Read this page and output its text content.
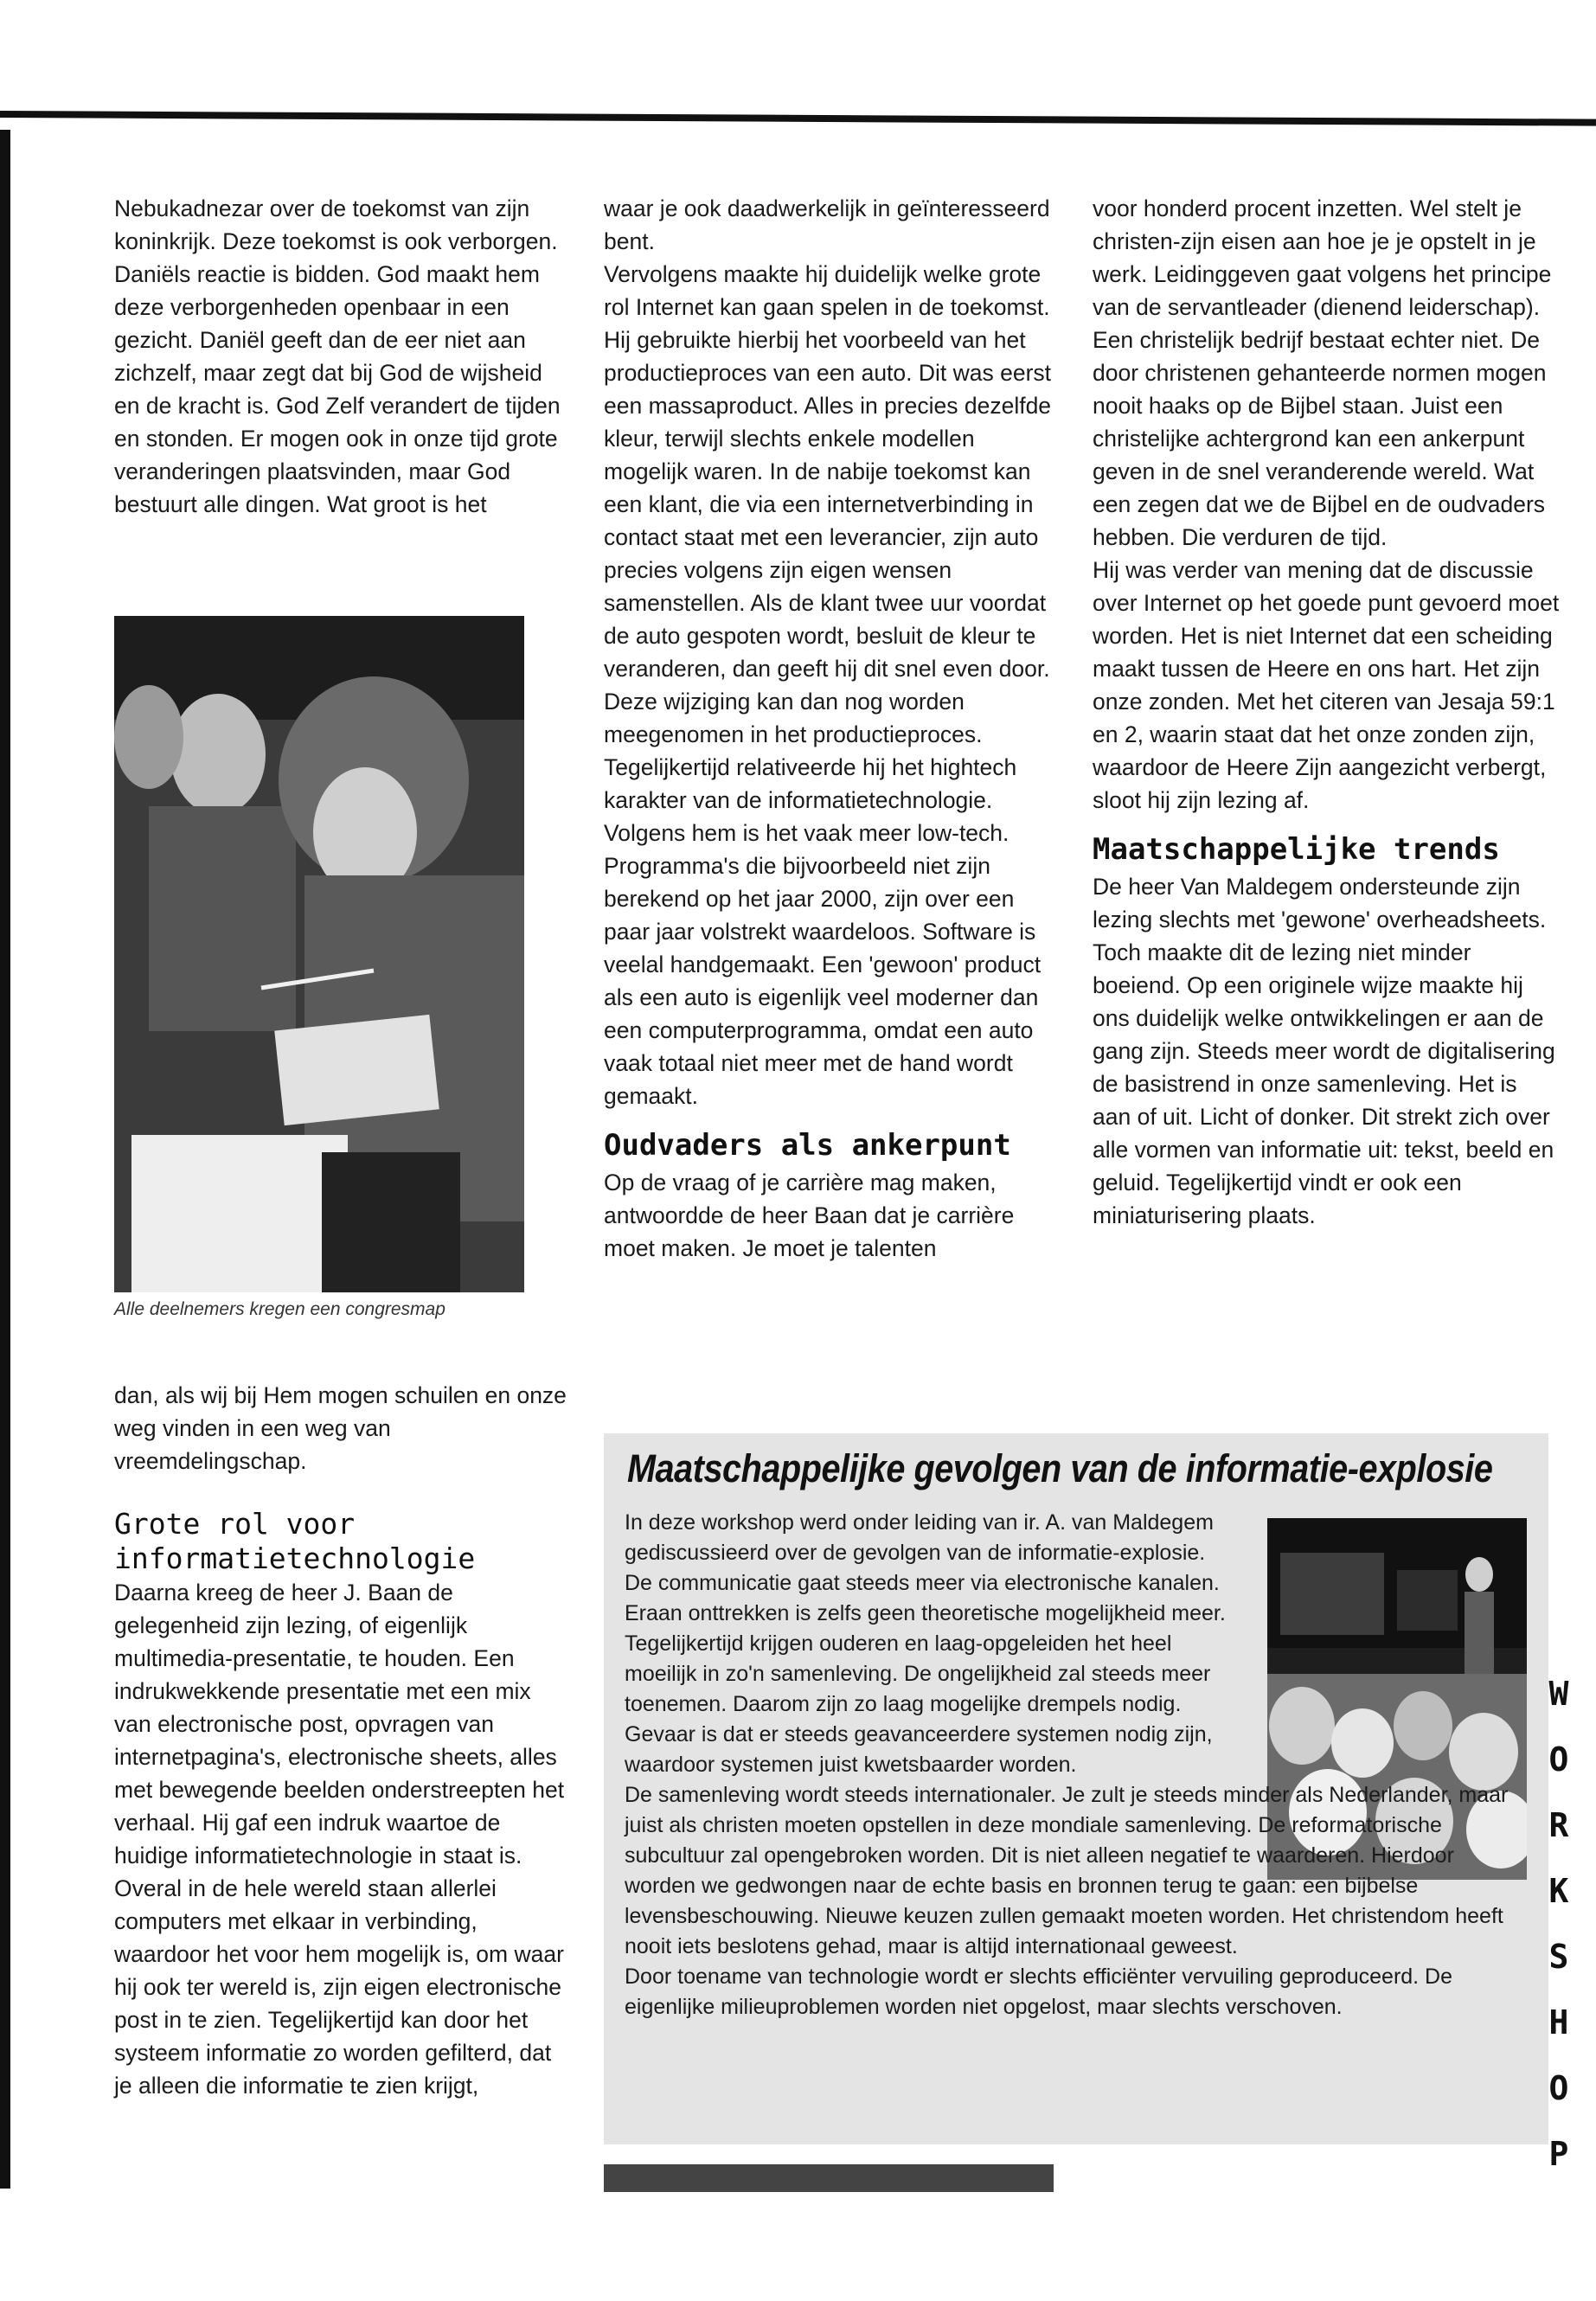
Nebukadnezar over de toekomst van zijn koninkrijk. Deze toekomst is ook verborgen. Daniëls reactie is bidden. God maakt hem deze verborgenheden openbaar in een gezicht. Daniël geeft dan de eer niet aan zichzelf, maar zegt dat bij God de wijsheid en de kracht is. God Zelf verandert de tijden en stonden. Er mogen ook in onze tijd grote veranderingen plaatsvinden, maar God bestuurt alle dingen. Wat groot is het

Alle deelnemers kregen een congresmap

dan, als wij bij Hem mogen schuilen en onze weg vinden in een weg van vreemdelingschap.

Grote rol voor informatietechnologie

Daarna kreeg de heer J. Baan de gelegenheid zijn lezing, of eigenlijk multimedia-presentatie, te houden. Een indrukwekkende presentatie met een mix van electronische post, opvragen van internetpagina's, electronische sheets, alles met bewegende beelden onderstreepten het verhaal. Hij gaf een indruk waartoe de huidige informatietechnologie in staat is. Overal in de hele wereld staan allerlei computers met elkaar in verbinding, waardoor het voor hem mogelijk is, om waar hij ook ter wereld is, zijn eigen electronische post in te zien. Tegelijkertijd kan door het systeem informatie zo worden gefilterd, dat je alleen die informatie te zien krijgt,

waar je ook daadwerkelijk in geïnteresseerd bent.

Vervolgens maakte hij duidelijk welke grote rol Internet kan gaan spelen in de toekomst. Hij gebruikte hierbij het voorbeeld van het productieproces van een auto. Dit was eerst een massaproduct. Alles in precies dezelfde kleur, terwijl slechts enkele modellen mogelijk waren. In de nabije toekomst kan een klant, die via een internetverbinding in contact staat met een leverancier, zijn auto precies volgens zijn eigen wensen samenstellen. Als de klant twee uur voordat de auto gespoten wordt, besluit de kleur te veranderen, dan geeft hij dit snel even door. Deze wijziging kan dan nog worden meegenomen in het productieproces.

Tegelijkertijd relativeerde hij het hightech karakter van de informatietechnologie. Volgens hem is het vaak meer low-tech. Programma's die bijvoorbeeld niet zijn berekend op het jaar 2000, zijn over een paar jaar volstrekt waardeloos. Software is veelal handgemaakt. Een 'gewoon' product als een auto is eigenlijk veel moderner dan een computerprogramma, omdat een auto vaak totaal niet meer met de hand wordt gemaakt.

Oudvaders als ankerpunt

Op de vraag of je carrière mag maken, antwoordde de heer Baan dat je carrière moet maken. Je moet je talenten

voor honderd procent inzetten. Wel stelt je christen-zijn eisen aan hoe je je opstelt in je werk. Leidinggeven gaat volgens het principe van de servantleader (dienend leiderschap). Een christelijk bedrijf bestaat echter niet. De door christenen gehanteerde normen mogen nooit haaks op de Bijbel staan. Juist een christelijke achtergrond kan een ankerpunt geven in de snel veranderende wereld. Wat een zegen dat we de Bijbel en de oudvaders hebben. Die verduren de tijd.

Hij was verder van mening dat de discussie over Internet op het goede punt gevoerd moet worden. Het is niet Internet dat een scheiding maakt tussen de Heere en ons hart. Het zijn onze zonden. Met het citeren van Jesaja 59:1 en 2, waarin staat dat het onze zonden zijn, waardoor de Heere Zijn aangezicht verbergt, sloot hij zijn lezing af.

Maatschappelijke trends

De heer Van Maldegem ondersteunde zijn lezing slechts met 'gewone' overheadsheets. Toch maakte dit de lezing niet minder boeiend. Op een originele wijze maakte hij ons duidelijk welke ontwikkelingen er aan de gang zijn. Steeds meer wordt de digitalisering de basistrend in onze samenleving. Het is aan of uit. Licht of donker. Dit strekt zich over alle vormen van informatie uit: tekst, beeld en geluid. Tegelijkertijd vindt er ook een miniaturisering plaats.

Maatschappelijke gevolgen van de informatie-explosie

In deze workshop werd onder leiding van ir. A. van Maldegem gediscussieerd over de gevolgen van de informatie-explosie. De communicatie gaat steeds meer via electronische kanalen. Eraan onttrekken is zelfs geen theoretische mogelijkheid meer. Tegelijkertijd krijgen ouderen en laag-opgeleiden het heel moeilijk in zo'n samenleving. De ongelijkheid zal steeds meer toenemen. Daarom zijn zo laag mogelijke drempels nodig. Gevaar is dat er steeds geavanceerdere systemen nodig zijn, waardoor systemen juist kwetsbaarder worden.

De samenleving wordt steeds internationaler. Je zult je steeds minder als Nederlander, maar juist als christen moeten opstellen in deze mondiale samenleving. De reformatorische subcultuur zal opengebroken worden. Dit is niet alleen negatief te waarderen. Hierdoor worden we gedwongen naar de echte basis en bronnen terug te gaan: een bijbelse levensbeschouwing. Nieuwe keuzen zullen gemaakt moeten worden. Het christendom heeft nooit iets beslotens gehad, maar is altijd internationaal geweest.

Door toename van technologie wordt er slechts efficiënter vervuiling geproduceerd. De eigenlijke milieuproblemen worden niet opgelost, maar slechts verschoven.

W
O
R
K
S
H
O
P
